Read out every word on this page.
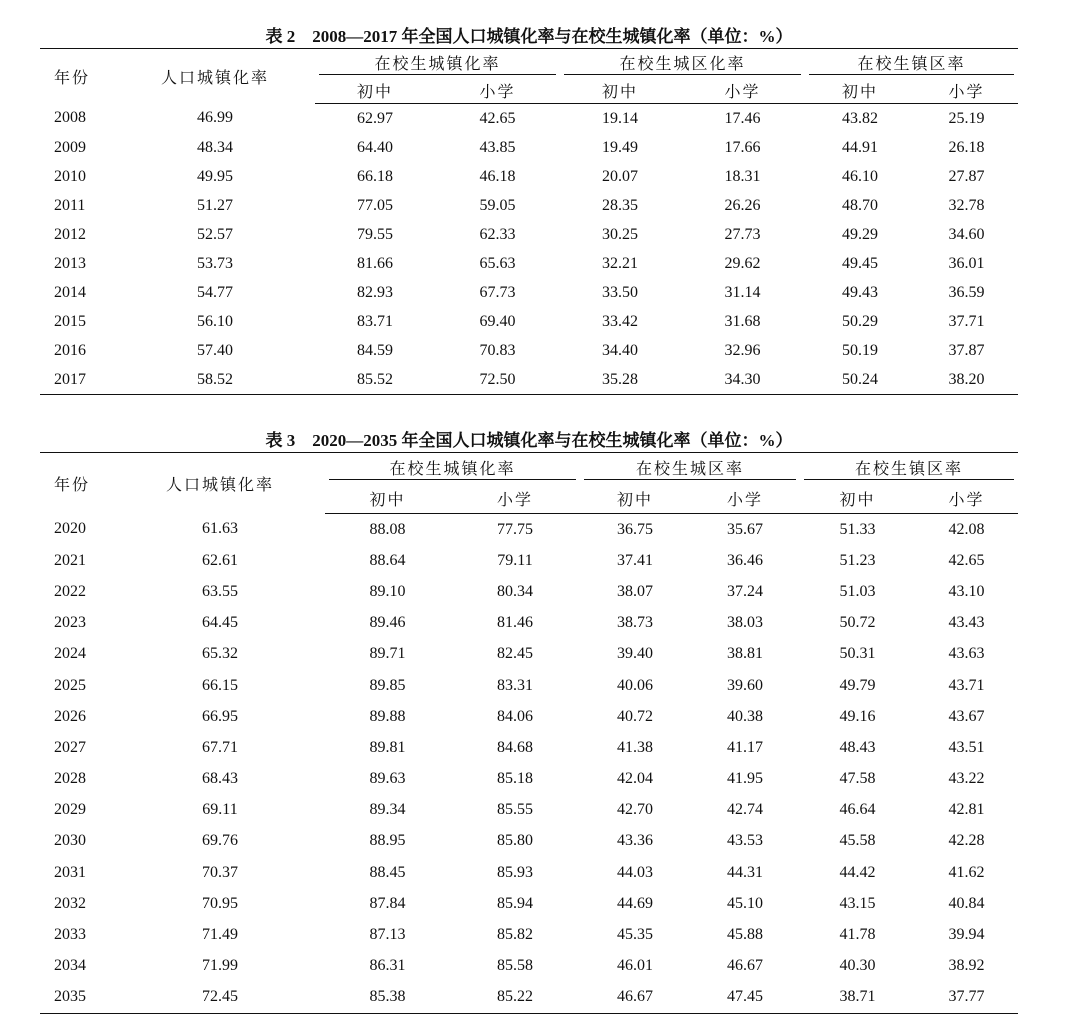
表 2　2008—2017 年全国人口城镇化率与在校生城镇化率（单位：%）
年份	人口城镇化率	在校生城镇化率		在校生城区化率		在校生镇区率	

		初中	小学	初中	小学	初中	小学
2008	46.99	62.97	42.65	19.14	17.46	43.82	25.19
2009	48.34	64.40	43.85	19.49	17.66	44.91	26.18
2010	49.95	66.18	46.18	20.07	18.31	46.10	27.87
2011	51.27	77.05	59.05	28.35	26.26	48.70	32.78
2012	52.57	79.55	62.33	30.25	27.73	49.29	34.60
2013	53.73	81.66	65.63	32.21	29.62	49.45	36.01
2014	54.77	82.93	67.73	33.50	31.14	49.43	36.59
2015	56.10	83.71	69.40	33.42	31.68	50.29	37.71
2016	57.40	84.59	70.83	34.40	32.96	50.19	37.87
2017	58.52	85.52	72.50	35.28	34.30	50.24	38.20
表 3　2020—2035 年全国人口城镇化率与在校生城镇化率（单位：%）
年份	人口城镇化率	在校生城镇化率		在校生城区率		在校生镇区率	

		初中	小学	初中	小学	初中	小学
2020	61.63	88.08	77.75	36.75	35.67	51.33	42.08
2021	62.61	88.64	79.11	37.41	36.46	51.23	42.65
2022	63.55	89.10	80.34	38.07	37.24	51.03	43.10
2023	64.45	89.46	81.46	38.73	38.03	50.72	43.43
2024	65.32	89.71	82.45	39.40	38.81	50.31	43.63
2025	66.15	89.85	83.31	40.06	39.60	49.79	43.71
2026	66.95	89.88	84.06	40.72	40.38	49.16	43.67
2027	67.71	89.81	84.68	41.38	41.17	48.43	43.51
2028	68.43	89.63	85.18	42.04	41.95	47.58	43.22
2029	69.11	89.34	85.55	42.70	42.74	46.64	42.81
2030	69.76	88.95	85.80	43.36	43.53	45.58	42.28
2031	70.37	88.45	85.93	44.03	44.31	44.42	41.62
2032	70.95	87.84	85.94	44.69	45.10	43.15	40.84
2033	71.49	87.13	85.82	45.35	45.88	41.78	39.94
2034	71.99	86.31	85.58	46.01	46.67	40.30	38.92
2035	72.45	85.38	85.22	46.67	47.45	38.71	37.77
